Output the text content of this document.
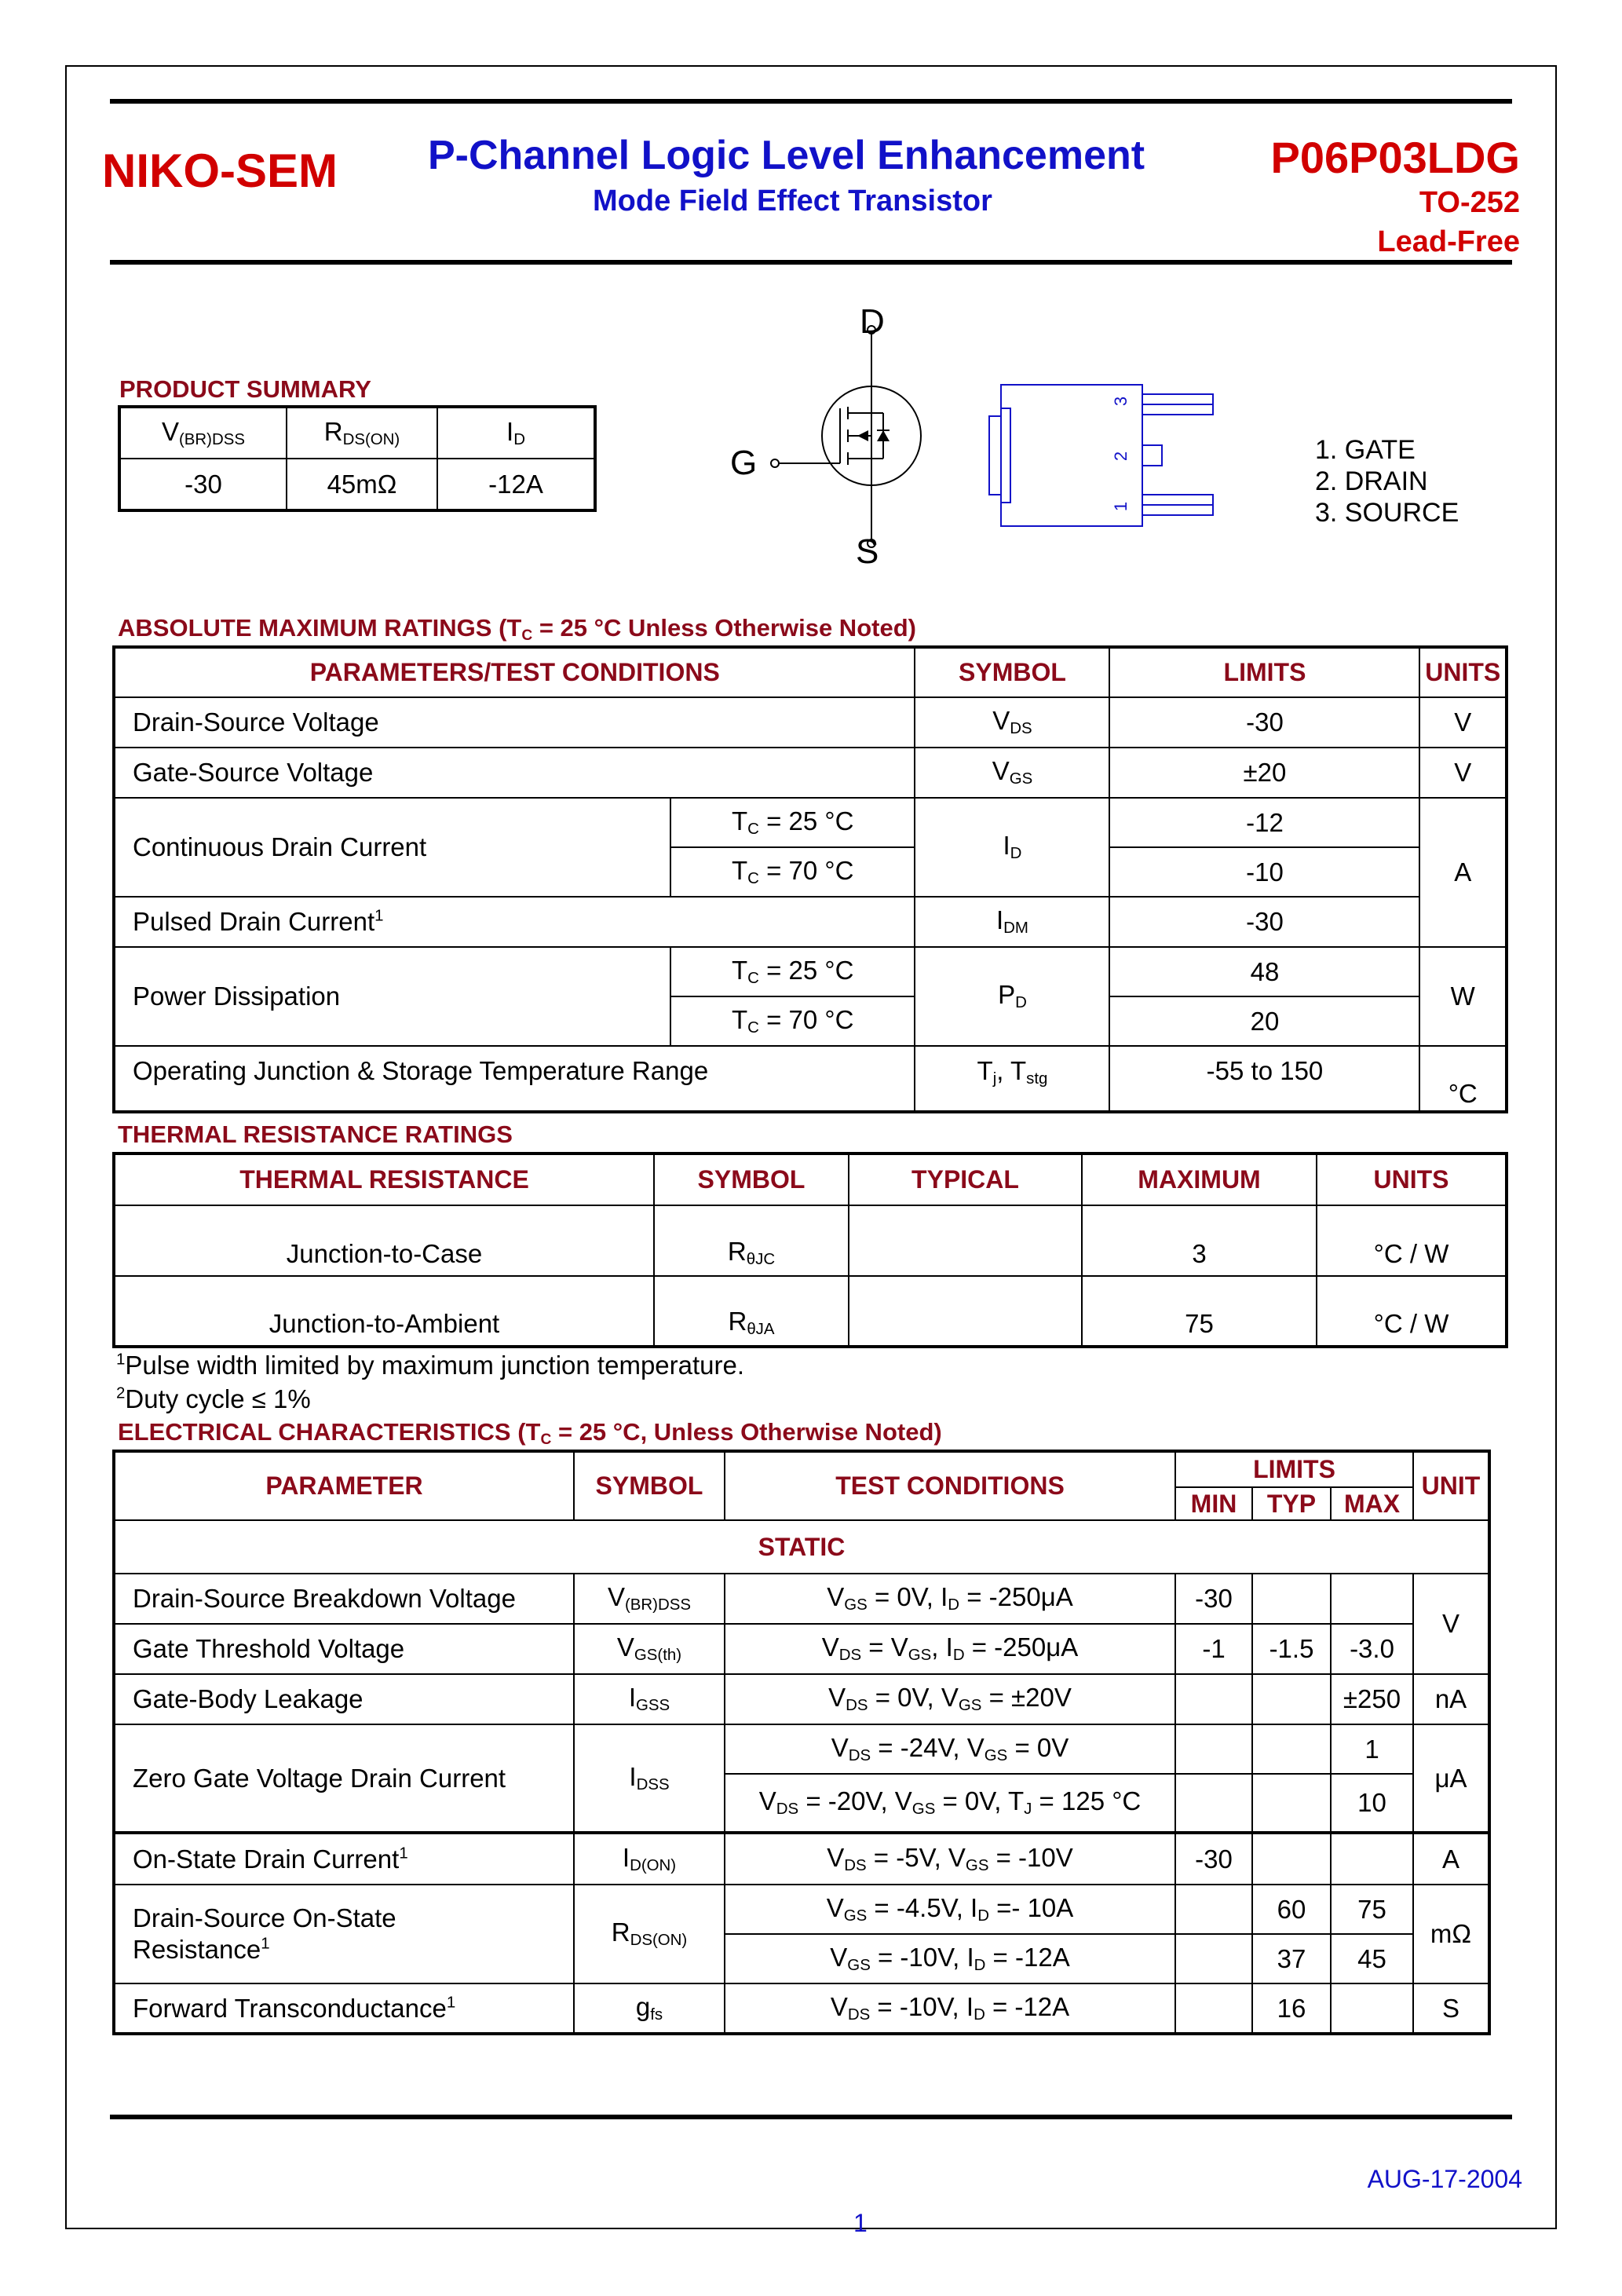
NIKO-SEM P-Channel Logic Level Enhancement
Mode Field Effect Transistor
P06P03LDG
TO-252
Lead-Free
PRODUCT SUMMARY
$V_{(BR)DSS}$	$R_{DS(ON)}$	$I_D$
-30	45mΩ	-12A
D
G
S
3
2
1
1. GATE
2. DRAIN
3. SOURCE
ABSOLUTE MAXIMUM RATINGS ($T_C = 25$ °C Unless Otherwise Noted)
PARAMETERS/TEST CONDITIONS		SYMBOL	LIMITS	UNITS
Drain-Source Voltage		$V_{DS}$	-30	V
Gate-Source Voltage		$V_{GS}$	±20	V
Continuous Drain Current	$T_C = 25$ °C	$I_D$	-12	A
	$T_C = 70$ °C		-10	
Pulsed Drain Current$^1$		$I_{DM}$	-30	
Power Dissipation	$T_C = 25$ °C	$P_D$	48	W
	$T_C = 70$ °C		20	
Operating Junction & Storage Temperature Range		$T_j$, $T_{stg}$	-55 to 150	°C
THERMAL RESISTANCE RATINGS
THERMAL RESISTANCE	SYMBOL	TYPICAL	MAXIMUM	UNITS
Junction-to-Case	$R_{\theta JC}$		3	°C / W
Junction-to-Ambient	$R_{\theta JA}$		75	°C / W
$^1$Pulse width limited by maximum junction temperature.
$^2$Duty cycle ≤ 1%
ELECTRICAL CHARACTERISTICS ($T_C = 25$ °C, Unless Otherwise Noted)
PARAMETER	SYMBOL	TEST CONDITIONS	LIMITS			UNIT
			MIN	TYP	MAX	
STATIC						
Drain-Source Breakdown Voltage	$V_{(BR)DSS}$	$V_{GS} = 0V$, $I_D = -250\mu A$	-30			V
Gate Threshold Voltage	$V_{GS(th)}$	$V_{DS} = V_{GS}$, $I_D = -250\mu A$	-1	-1.5	-3.0	
Gate-Body Leakage	$I_{GSS}$	$V_{DS} = 0V$, $V_{GS} = \pm 20V$			±250	nA
Zero Gate Voltage Drain Current	$I_{DSS}$	$V_{DS} = -24V$, $V_{GS} = 0V$			1	μA
		$V_{DS} = -20V$, $V_{GS} = 0V$, $T_J = 125$ °C			10	
On-State Drain Current$^1$	$I_{D(ON)}$	$V_{DS} = -5V$, $V_{GS} = -10V$	-30			A
Drain-Source On-State
Resistance$^1$	$R_{DS(ON)}$	$V_{GS} = -4.5V$, $I_D =- 10A$		60	75	mΩ
		$V_{GS} = -10V$, $I_D = -12A$		37	45	
Forward Transconductance$^1$	$g_{fs}$	$V_{DS} = -10V$, $I_D = -12A$		16		S
AUG-17-2004
1
